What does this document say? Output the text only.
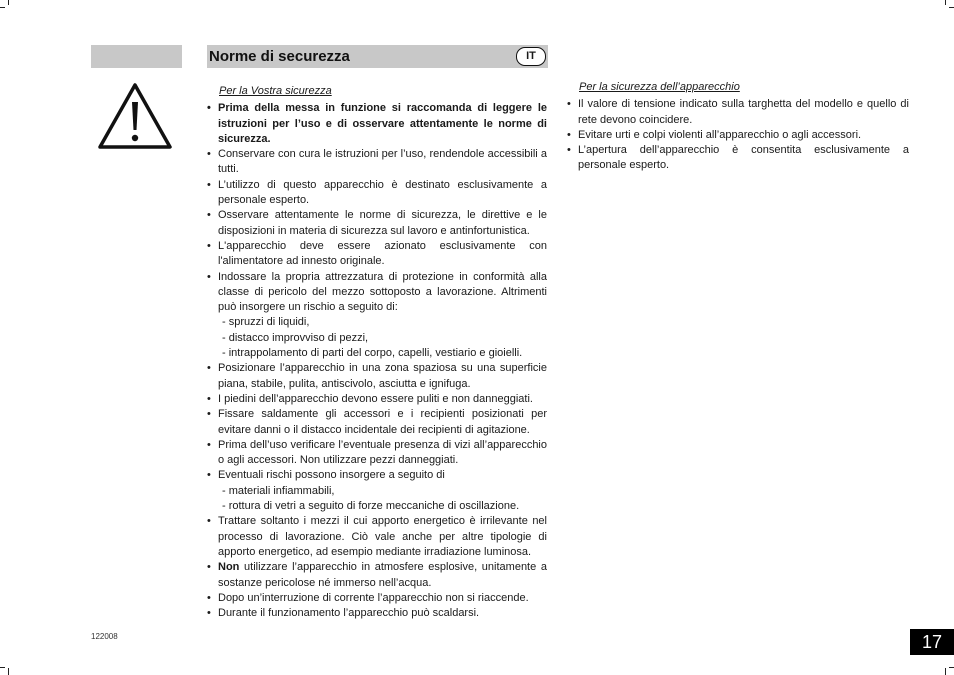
Norme di securezza	IT
Per la Vostra sicurezza
• Prima della messa in funzione si raccomanda di leggere le istruzioni per l’uso e di osservare attentamente le norme di sicurezza.
• Conservare con cura le istruzioni per l’uso, rendendole accessibili a tutti.
• L’utilizzo di questo apparecchio è destinato esclusivamente a personale esperto.
• Osservare attentamente le norme di sicurezza, le direttive e le disposizioni in materia di sicurezza sul lavoro e antinfortunistica.
• L'apparecchio deve essere azionato esclusivamente con l'alimentatore ad innesto originale.
• Indossare la propria attrezzatura di protezione in conformità alla classe di pericolo del mezzo sottoposto a lavorazione. Altrimenti può insorgere un rischio a seguito di:
- spruzzi di liquidi,
- distacco improvviso di pezzi,
- intrappolamento di parti del corpo, capelli, vestiario e gioielli.
• Posizionare l’apparecchio in una zona spaziosa su una superficie piana, stabile, pulita, antiscivolo, asciutta e ignifuga.
• I piedini dell’apparecchio devono essere puliti e non danneggiati.
• Fissare saldamente gli accessori e i recipienti posizionati per evitare danni o il distacco incidentale dei recipienti di agitazione.
• Prima dell’uso verificare l’eventuale presenza di vizi all’apparecchio o agli accessori. Non utilizzare pezzi danneggiati.
• Eventuali rischi possono insorgere a seguito di
- materiali infiammabili,
- rottura di vetri a seguito di forze meccaniche di oscillazione.
• Trattare soltanto i mezzi il cui apporto energetico è irrilevante nel processo di lavorazione. Ciò vale anche per altre tipologie di apporto energetico, ad esempio mediante irradiazione luminosa.
• Non utilizzare l’apparecchio in atmosfere esplosive, unitamente a sostanze pericolose né immerso nell’acqua.
• Dopo un’interruzione di corrente l’apparecchio non si riaccende.
• Durante il funzionamento l’apparecchio può scaldarsi.
Per la sicurezza dell’apparecchio
• Il valore di tensione indicato sulla targhetta del modello e quello di rete devono coincidere.
• Evitare urti e colpi violenti all’apparecchio o agli accessori.
• L’apertura dell’apparecchio è consentita esclusivamente a personale esperto.
122008	17
